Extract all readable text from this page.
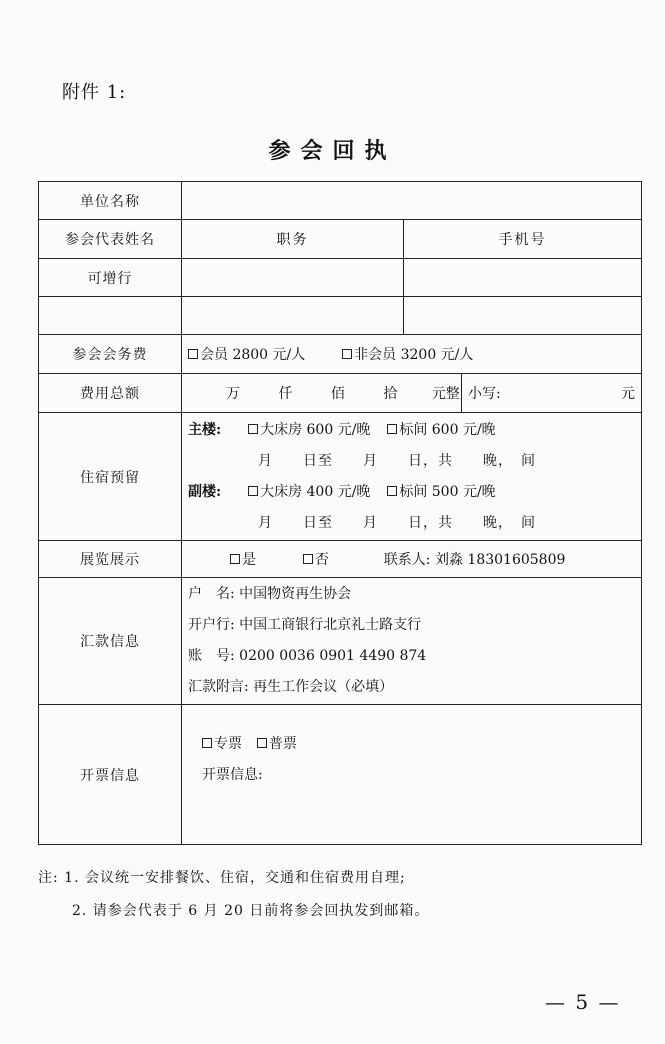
附件 1:
参会回执
单位名称			
参会代表姓名	职务	手机号	
可增行			

参会会务费	会员 2800 元/人 非会员 3200 元/人		
费用总额	万 仟 佰 拾 元整		小写: 元

住宿预留	主楼: 大床房 600 元/晚 标间 600 元/晚
月　　日至　　月　　日，共　　晚，　间
副楼: 大床房 400 元/晚 标间 500 元/晚
月　　日至　　月　　日，共　　晚，　间		

展览展示	是 否 联系人: 刘淼 18301605809		
汇款信息	户　名: 中国物资再生协会
开户行: 中国工商银行北京礼士路支行
账　号: 0200 0036 0901 4490 874
汇款附言: 再生工作会议（必填）		

开票信息	专票 普票
开票信息:		
注: 1. 会议统一安排餐饮、住宿，交通和住宿费用自理;
2. 请参会代表于 6 月 20 日前将参会回执发到邮箱。
— 5 —
